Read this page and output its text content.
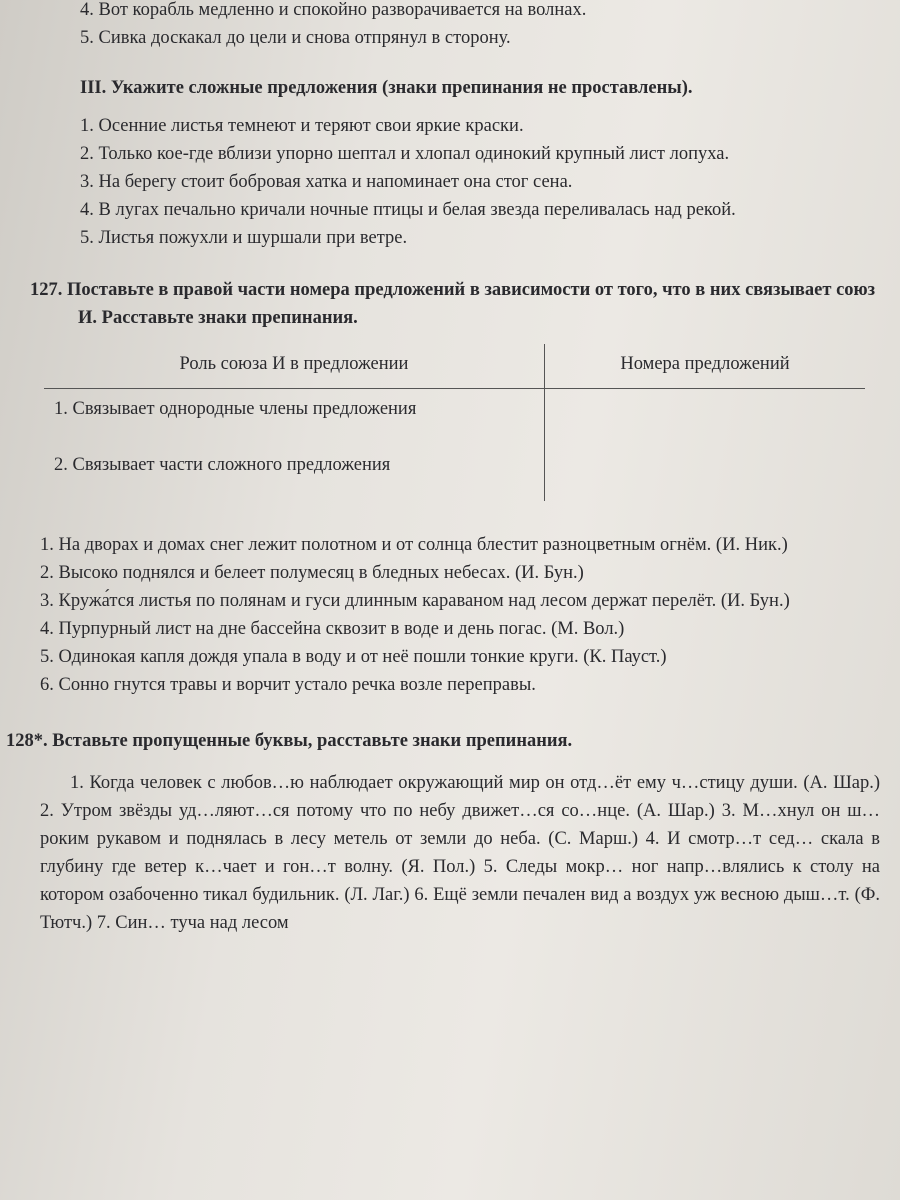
4. Вот корабль медленно и спокойно разворачивается на волнах.
5. Сивка доскакал до цели и снова отпрянул в сторону.
III. Укажите сложные предложения (знаки препинания не проставлены).
1. Осенние листья темнеют и теряют свои яркие краски.
2. Только кое-где вблизи упорно шептал и хлопал одинокий крупный лист лопуха.
3. На берегу стоит бобровая хатка и напоминает она стог сена.
4. В лугах печально кричали ночные птицы и белая звезда переливалась над рекой.
5. Листья пожухли и шуршали при ветре.
127. Поставьте в правой части номера предложений в зависимости от того, что в них связывает союз И. Расставьте знаки препинания.
Роль союза И в предложении	Номера предложений
1. Связывает однородные члены предложения	
2. Связывает части сложного предложения	
1. На дворах и домах снег лежит полотном и от солнца блестит разноцветным огнём. (И. Ник.)
2. Высоко поднялся и белеет полумесяц в бледных небесах. (И. Бун.)
3. Кружа́тся листья по полянам и гуси длинным караваном над лесом держат перелёт. (И. Бун.)
4. Пурпурный лист на дне бассейна сквозит в воде и день погас. (М. Вол.)
5. Одинокая капля дождя упала в воду и от неё пошли тонкие круги. (К. Пауст.)
6. Сонно гнутся травы и ворчит устало речка возле переправы.
128*. Вставьте пропущенные буквы, расставьте знаки препинания.
1. Когда человек с любов…ю наблюдает окружающий мир он отд…ёт ему ч…стицу души. (А. Шар.) 2. Утром звёзды уд…ляют…ся потому что по небу движет…ся со…нце. (А. Шар.) 3. М…хнул он ш…роким рукавом и поднялась в лесу метель от земли до неба. (С. Марш.) 4. И смотр…т сед… скала в глубину где ветер к…чает и гон…т волну. (Я. Пол.) 5. Следы мокр… ног напр…влялись к столу на котором озабоченно тикал будильник. (Л. Лаг.) 6. Ещё земли печален вид а воздух уж весною дыш…т. (Ф. Тютч.) 7. Син… туча над лесом
